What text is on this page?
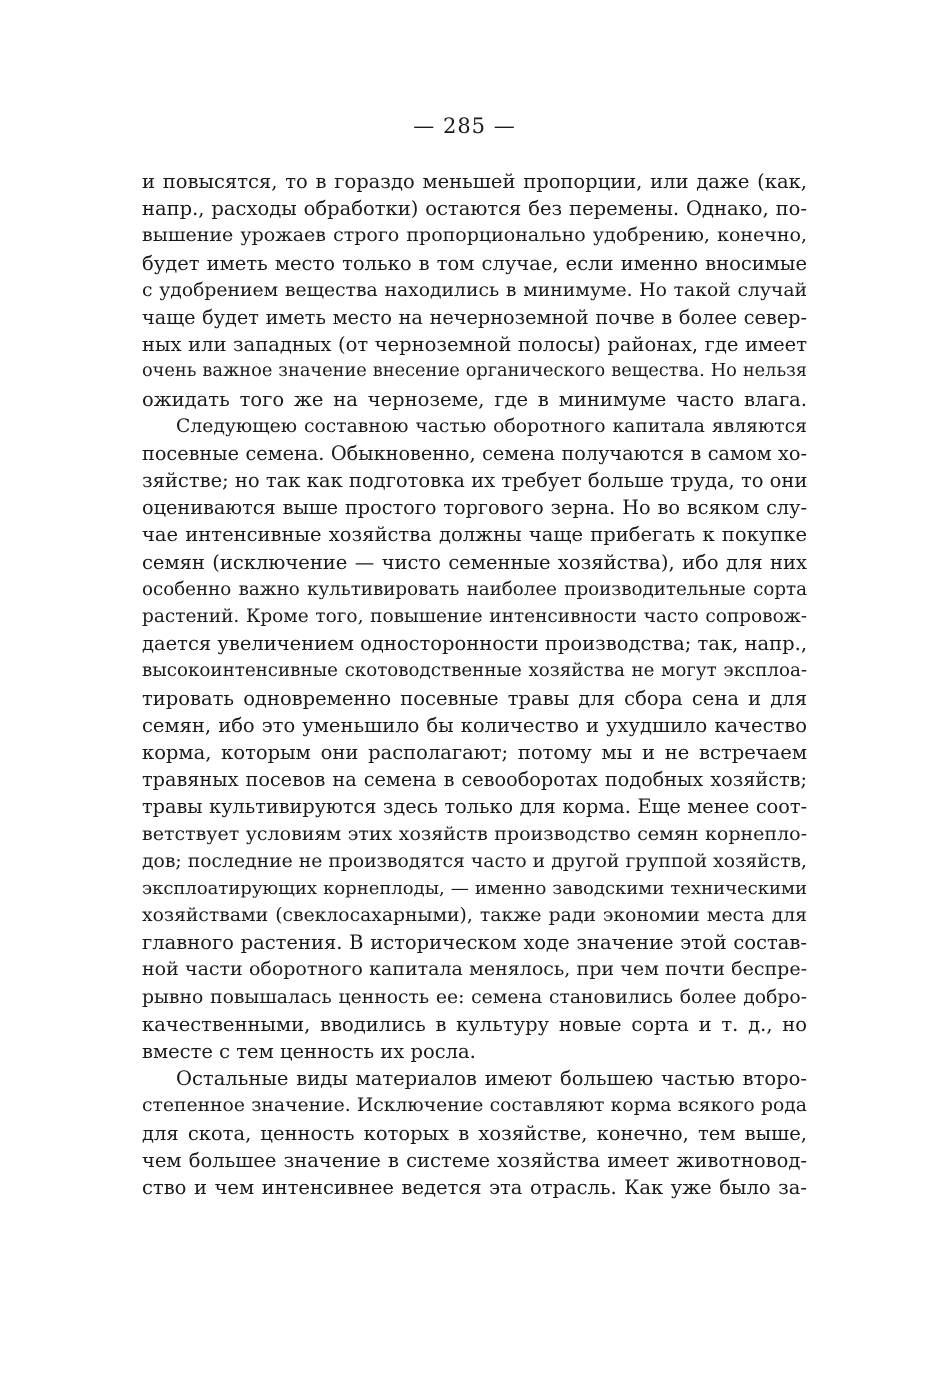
— 285 —
и повысятся, то в гораздо меньшей пропорции, или даже (как,
напр., расходы обработки) остаются без перемены. Однако, по-
вышение урожаев строго пропорционально удобрению, конечно,
будет иметь место только в том случае, если именно вносимые
с удобрением вещества находились в минимуме. Но такой случай
чаще будет иметь место на нечерноземной почве в более север-
ных или западных (от черноземной полосы) районах, где имеет
очень важное значение внесение органического вещества. Но нельзя
ожидать того же на черноземе, где в минимуме часто влага.
Следующею составною частью оборотного капитала являются
посевные семена. Обыкновенно, семена получаются в самом хо-
зяйстве; но так как подготовка их требует больше труда, то они
оцениваются выше простого торгового зерна. Но во всяком слу-
чае интенсивные хозяйства должны чаще прибегать к покупке
семян (исключение — чисто семенные хозяйства), ибо для них
особенно важно культивировать наиболее производительные сорта
растений. Кроме того, повышение интенсивности часто сопровож-
дается увеличением односторонности производства; так, напр.,
высокоинтенсивные скотоводственные хозяйства не могут эксплоа-
тировать одновременно посевные травы для сбора сена и для
семян, ибо это уменьшило бы количество и ухудшило качество
корма, которым они располагают; потому мы и не встречаем
травяных посевов на семена в севооборотах подобных хозяйств;
травы культивируются здесь только для корма. Еще менее соот-
ветствует условиям этих хозяйств производство семян корнепло-
дов; последние не производятся часто и другой группой хозяйств,
эксплоатирующих корнеплоды, — именно заводскими техническими
хозяйствами (свеклосахарными), также ради экономии места для
главного растения. В историческом ходе значение этой состав-
ной части оборотного капитала менялось, при чем почти беспре-
рывно повышалась ценность ее: семена становились более добро-
качественными, вводились в культуру новые сорта и т. д., но
вместе с тем ценность их росла.
Остальные виды материалов имеют большею частью второ-
степенное значение. Исключение составляют корма всякого рода
для скота, ценность которых в хозяйстве, конечно, тем выше,
чем большее значение в системе хозяйства имеет животновод-
ство и чем интенсивнее ведется эта отрасль. Как уже было за-
